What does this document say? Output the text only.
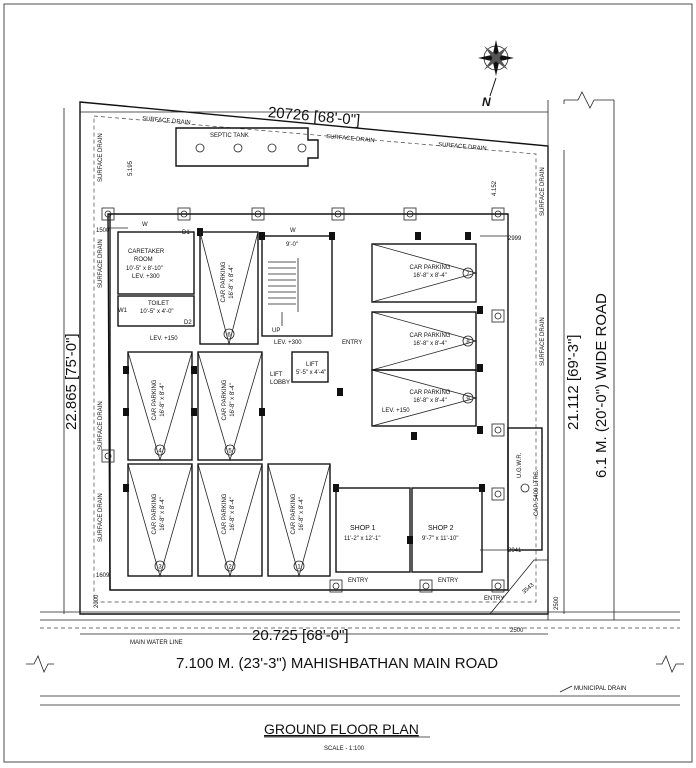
N
SEPTIC TANK
CARETAKER
ROOM
10'-5" x 8'-10"
LEV. +300
TOILET
10'-5" x 4'-0"
W
D1
D2
W1
9'-0"
UP
LEV. +300
LIFT
5'-5" x 4'-4"
LIFT
LOBBY
ENTRY
W
3
CAR PARKING 16'-8" x 8'-4"
2
CAR PARKING 16'-8" x 8'-4"
1
CAR PARKING 16'-8" x 8'-4"
4
CAR PARKING 16'-8" x 8'-4"
5
CAR PARKING 16'-8" x 8'-4"
6
CAR PARKING 16'-8" x 8'-4"	7
CAR PARKING
16'-8" x 8'-4"
8
CAR PARKING
16'-8" x 8'-4"
9
CAR PARKING
16'-8" x 8'-4"
LEV. +150
LEV. +150
SHOP 1
11'-2" x 12'-1"
SHOP 2
9'-7" x 11'-10"
ENTRY	ENTRY
ENTRY
20726 [68'-0"]
20.725 [68'-0"]
22.865 [75'-0"]	21.112 [69'-3"]
5.195
4.152
1500
1609
2000
2999
2941
2500
2500
3543
SURFACE DRAIN
SURFACE DRAIN
SURFACE DRAIN
SURFACE DRAIN
SURFACE DRAIN
SURFACE DRAIN
SURFACE DRAIN
SURFACE DRAIN
SURFACE DRAIN
U.G.W.R.
CAP. 5400 LTRS.
MAIN WATER LINE
7.100 M. (23'-3") MAHISHBATHAN MAIN ROAD
6.1 M. (20'-0") WIDE ROAD
MUNICIPAL DRAIN
GROUND FLOOR PLAN
SCALE - 1:100
